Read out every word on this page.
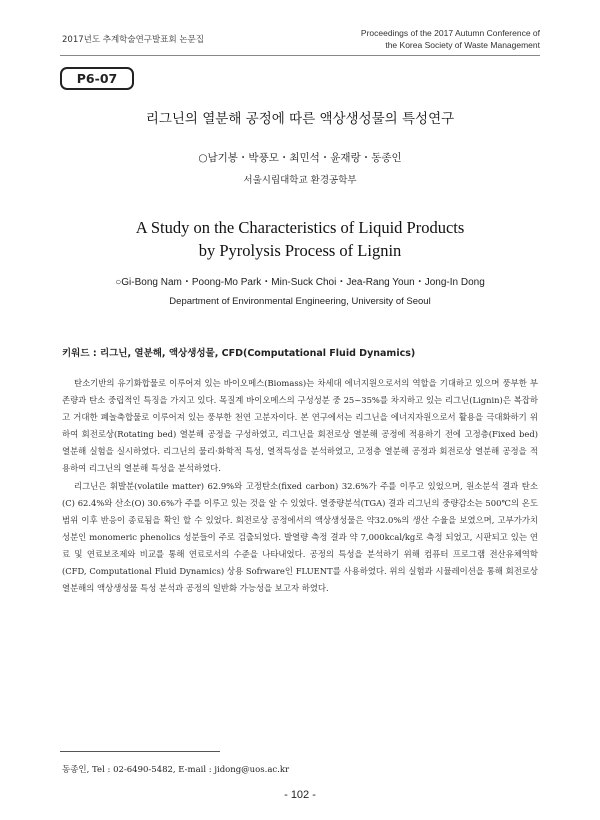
2017년도 추계학술연구발표회 논문집
Proceedings of the 2017 Autumn Conference of
the Korea Society of Waste Management
P6-07
리그닌의 열분해 공정에 따른 액상생성물의 특성연구
○남기봉・박풍모・최민석・윤재랑・동종인
서울시립대학교 환경공학부
A Study on the Characteristics of Liquid Products
by Pyrolysis Process of Lignin
○Gi-Bong Nam・Poong-Mo Park・Min-Suck Choi・Jea-Rang Youn・Jong-In Dong
Department of Environmental Engineering, University of Seoul
키워드 : 리그닌, 열분해, 액상생성물, CFD(Computational Fluid Dynamics)

탄소기반의 유기화합물로 이루어져 있는 바이오메스(Biomass)는 차세대 에너지원으로서의 역할을 기대하고 있으며 풍부한 부존량과 탄소 중립적인 특징을 가지고 있다. 목질계 바이오메스의 구성성분 중 25~35%를 차지하고 있는 리그닌(Lignin)은 복잡하고 거대한 폐놀축합물로 이루어져 있는 풍부한 천연 고분자이다. 본 연구에서는 리그닌을 에너지자원으로서 활용을 극대화하기 위하여 회전로상(Rotating bed) 열분해 공정을 구성하였고, 리그닌을 회전로상 열분해 공정에 적용하기 전에 고정층(Fixed bed) 열분해 실험을 실시하였다. 리그닌의 물리·화학적 특성, 열적특성을 분석하였고, 고정층 열분해 공정과 회전로상 열분해 공정을 적용하여 리그닌의 열분해 특성을 분석하였다.

리그닌은 휘발분(volatile matter) 62.9%와 고정탄소(fixed carbon) 32.6%가 주를 이루고 있었으며, 원소분석 결과 탄소(C) 62.4%와 산소(O) 30.6%가 주를 이루고 있는 것을 알 수 있었다. 열중량분석(TGA) 결과 리그닌의 중량감소는 500℃의 온도범위 이후 반응이 종료됨을 확인 할 수 있었다. 회전로상 공정에서의 액상생성물은 약32.0%의 생산 수율을 보였으며, 고부가가치 성분인 monomeric phenolics 성분들이 주로 검출되었다. 발열량 측정 결과 약 7,000kcal/kg로 측정 되었고, 시판되고 있는 연료 및 연료보조제와 비교를 통해 연료로서의 수준을 나타내었다. 공정의 특성을 분석하기 위해 컴퓨터 프로그램 전산유체역학(CFD, Computational Fluid Dynamics) 상용 Sofrware인 FLUENT를 사용하였다. 위의 실험과 시뮬레이션을 통해 회전로상 열분해의 액상생성물 특성 분석과 공정의 일반화 가능성을 보고자 하였다.

동종인, Tel : 02-6490-5482, E-mail : jidong@uos.ac.kr
- 102 -
